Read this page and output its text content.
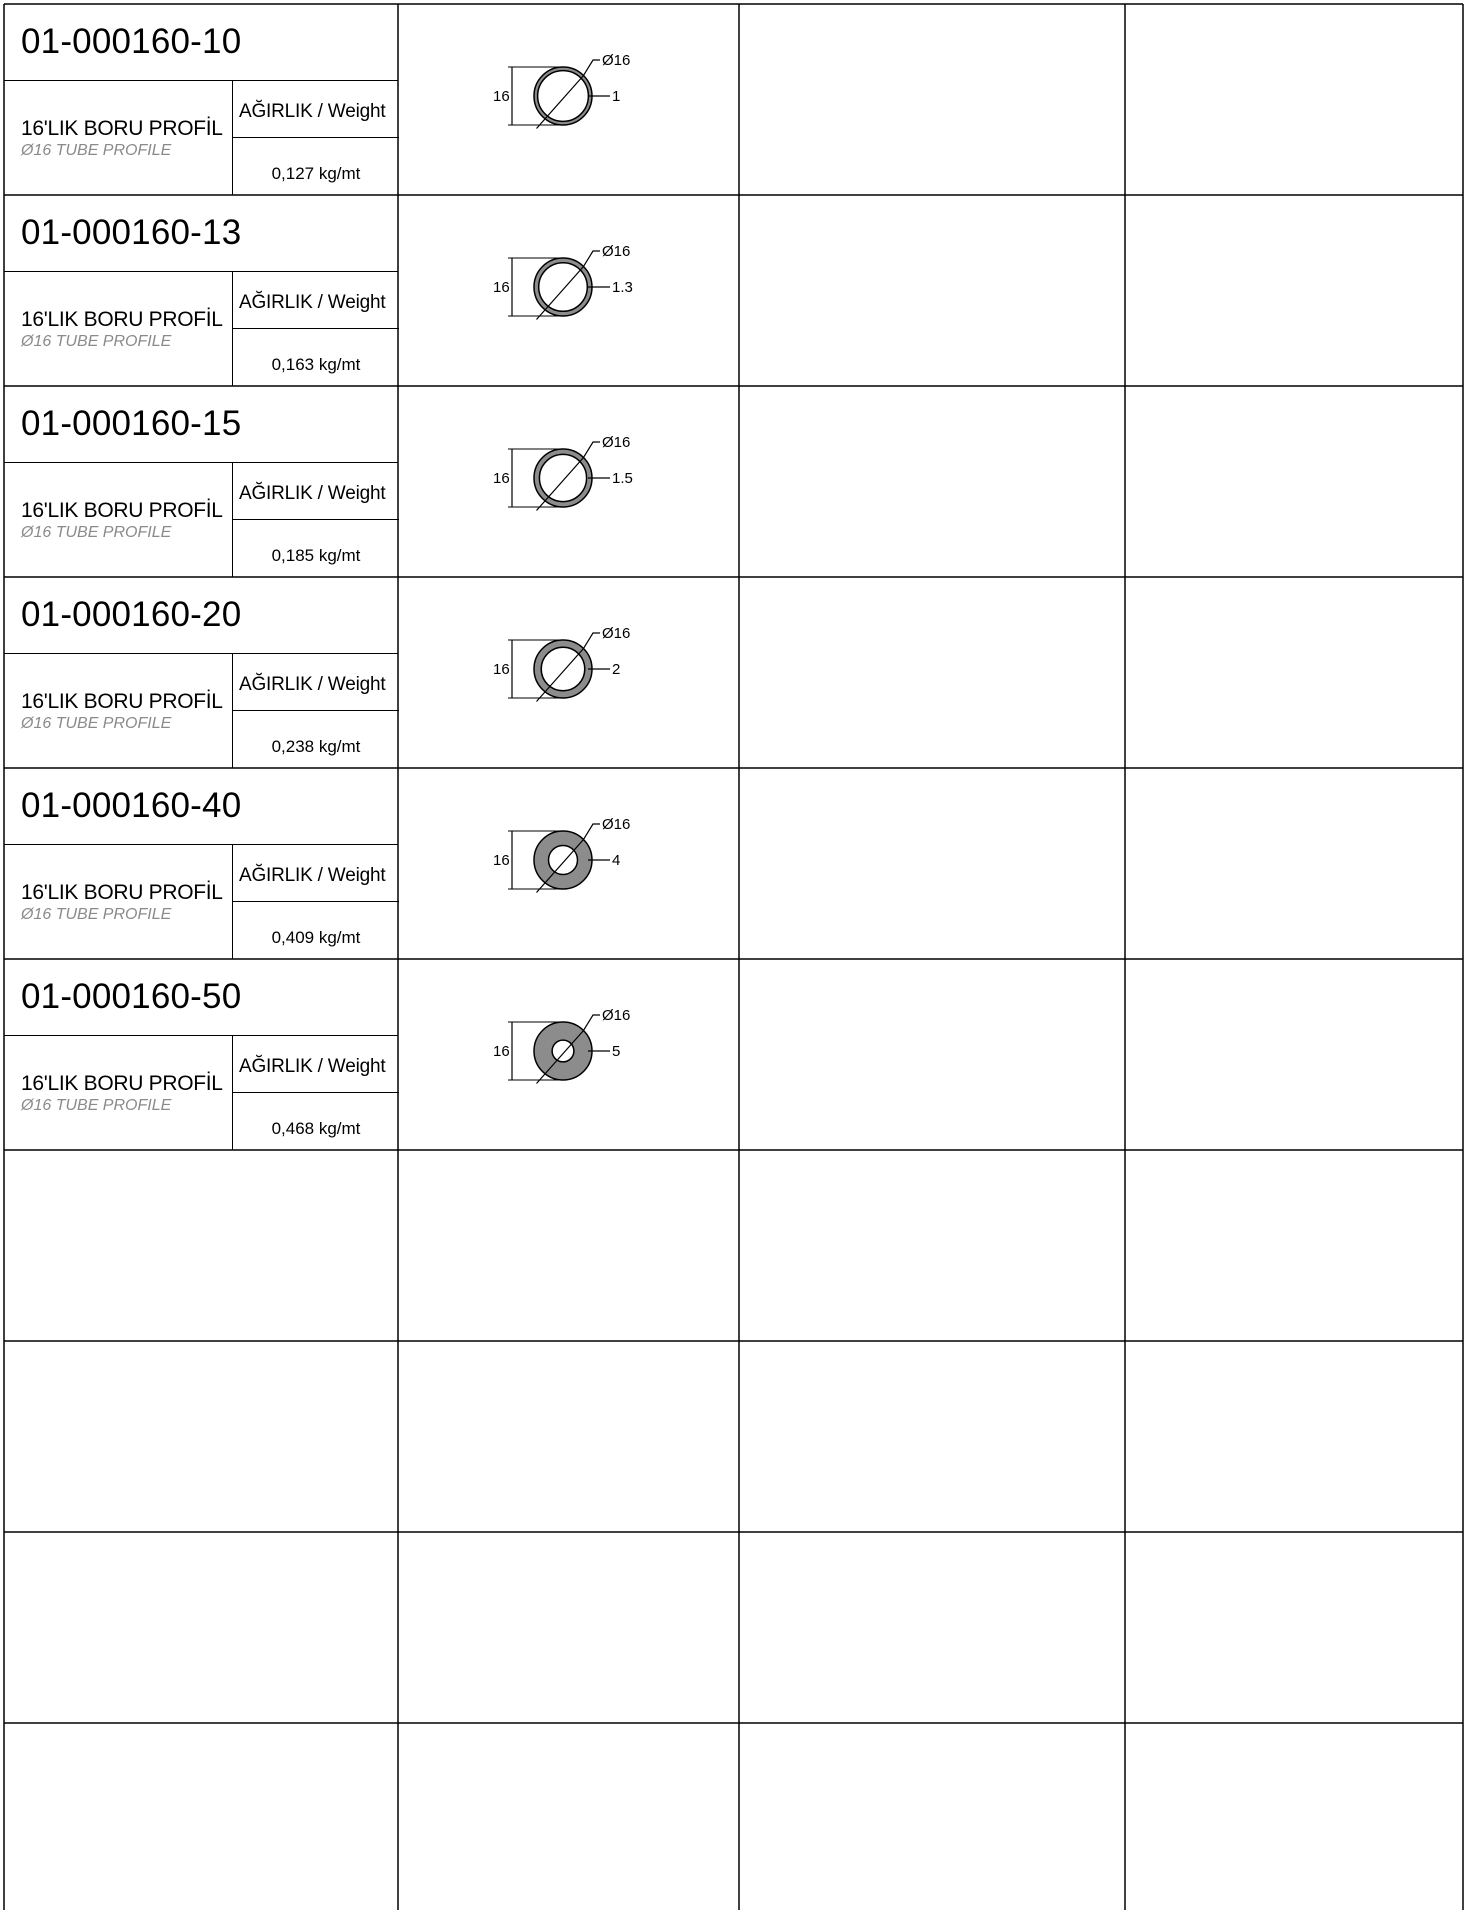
01-000160-10
16'LIK BORU PROFİL
Ø16 TUBE PROFILE
AĞIRLIK / Weight
0,127 kg/mt
Ø16
16	1
01-000160-13
16'LIK BORU PROFİL
Ø16 TUBE PROFILE
AĞIRLIK / Weight
0,163 kg/mt
Ø16
16	1.3
01-000160-15
16'LIK BORU PROFİL
Ø16 TUBE PROFILE
AĞIRLIK / Weight
0,185 kg/mt
Ø16
16	1.5
01-000160-20
16'LIK BORU PROFİL
Ø16 TUBE PROFILE
AĞIRLIK / Weight
0,238 kg/mt
Ø16
16	2
01-000160-40
16'LIK BORU PROFİL
Ø16 TUBE PROFILE
AĞIRLIK / Weight
0,409 kg/mt
Ø16
16	4
01-000160-50
16'LIK BORU PROFİL
Ø16 TUBE PROFILE
AĞIRLIK / Weight
0,468 kg/mt
Ø16
16	5
